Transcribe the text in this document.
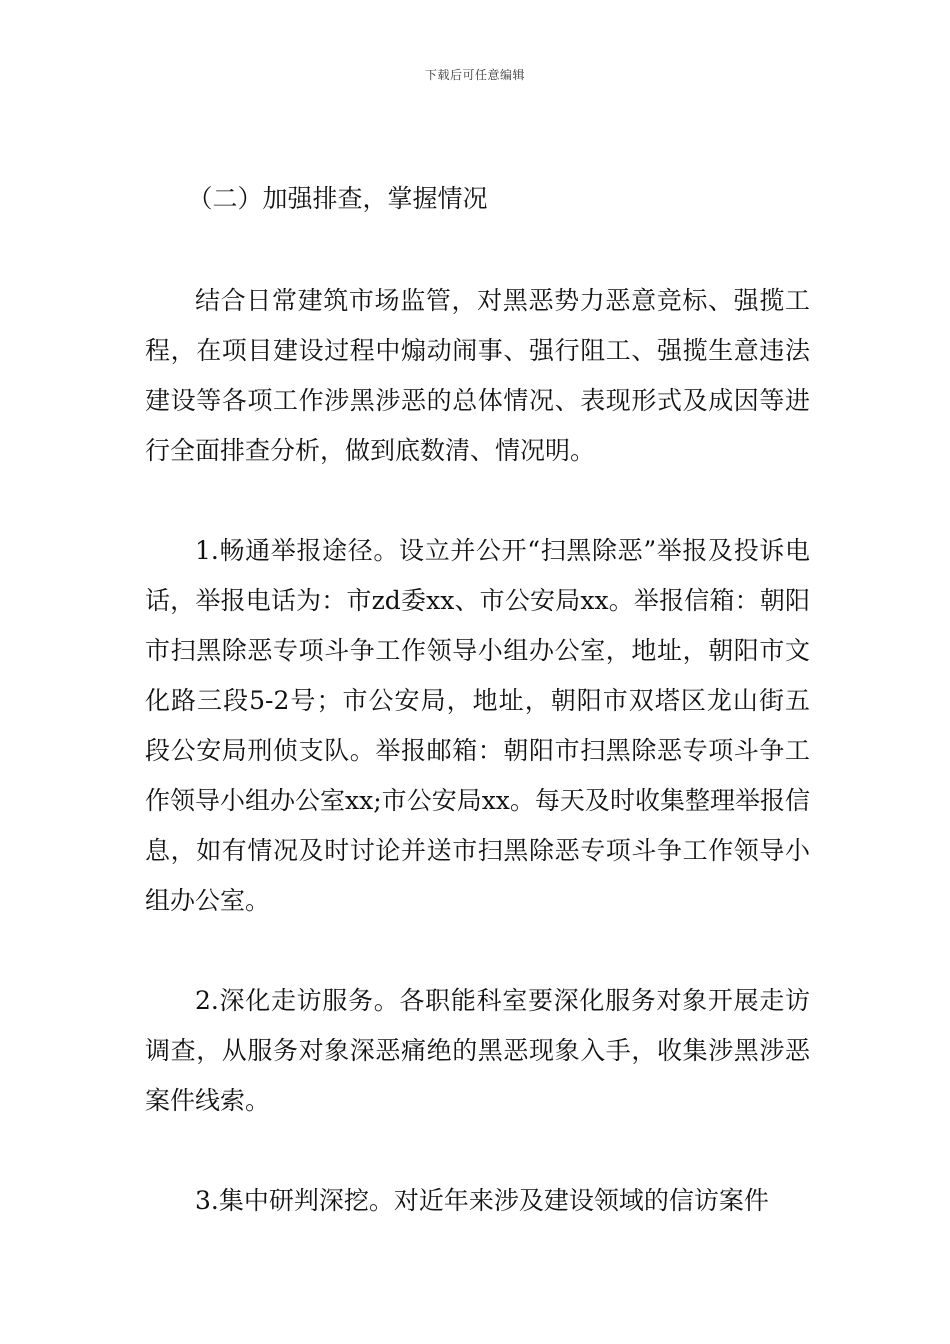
下载后可任意编辑

（二）加强排查，掌握情况

结合日常建筑市场监管，对黑恶势力恶意竞标、强揽工程，在项目建设过程中煽动闹事、强行阻工、强揽生意违法建设等各项工作涉黑涉恶的总体情况、表现形式及成因等进行全面排查分析，做到底数清、情况明。

1.畅通举报途径。设立并公开“扫黑除恶”举报及投诉电话，举报电话为：市zd委xx、市公安局xx。举报信箱：朝阳市扫黑除恶专项斗争工作领导小组办公室，地址，朝阳市文化路三段5-2号；市公安局，地址，朝阳市双塔区龙山街五段公安局刑侦支队。举报邮箱：朝阳市扫黑除恶专项斗争工作领导小组办公室xx;市公安局xx。每天及时收集整理举报信息，如有情况及时讨论并送市扫黑除恶专项斗争工作领导小组办公室。

2.深化走访服务。各职能科室要深化服务对象开展走访调查，从服务对象深恶痛绝的黑恶现象入手，收集涉黑涉恶案件线索。

3.集中研判深挖。对近年来涉及建设领域的信访案件
